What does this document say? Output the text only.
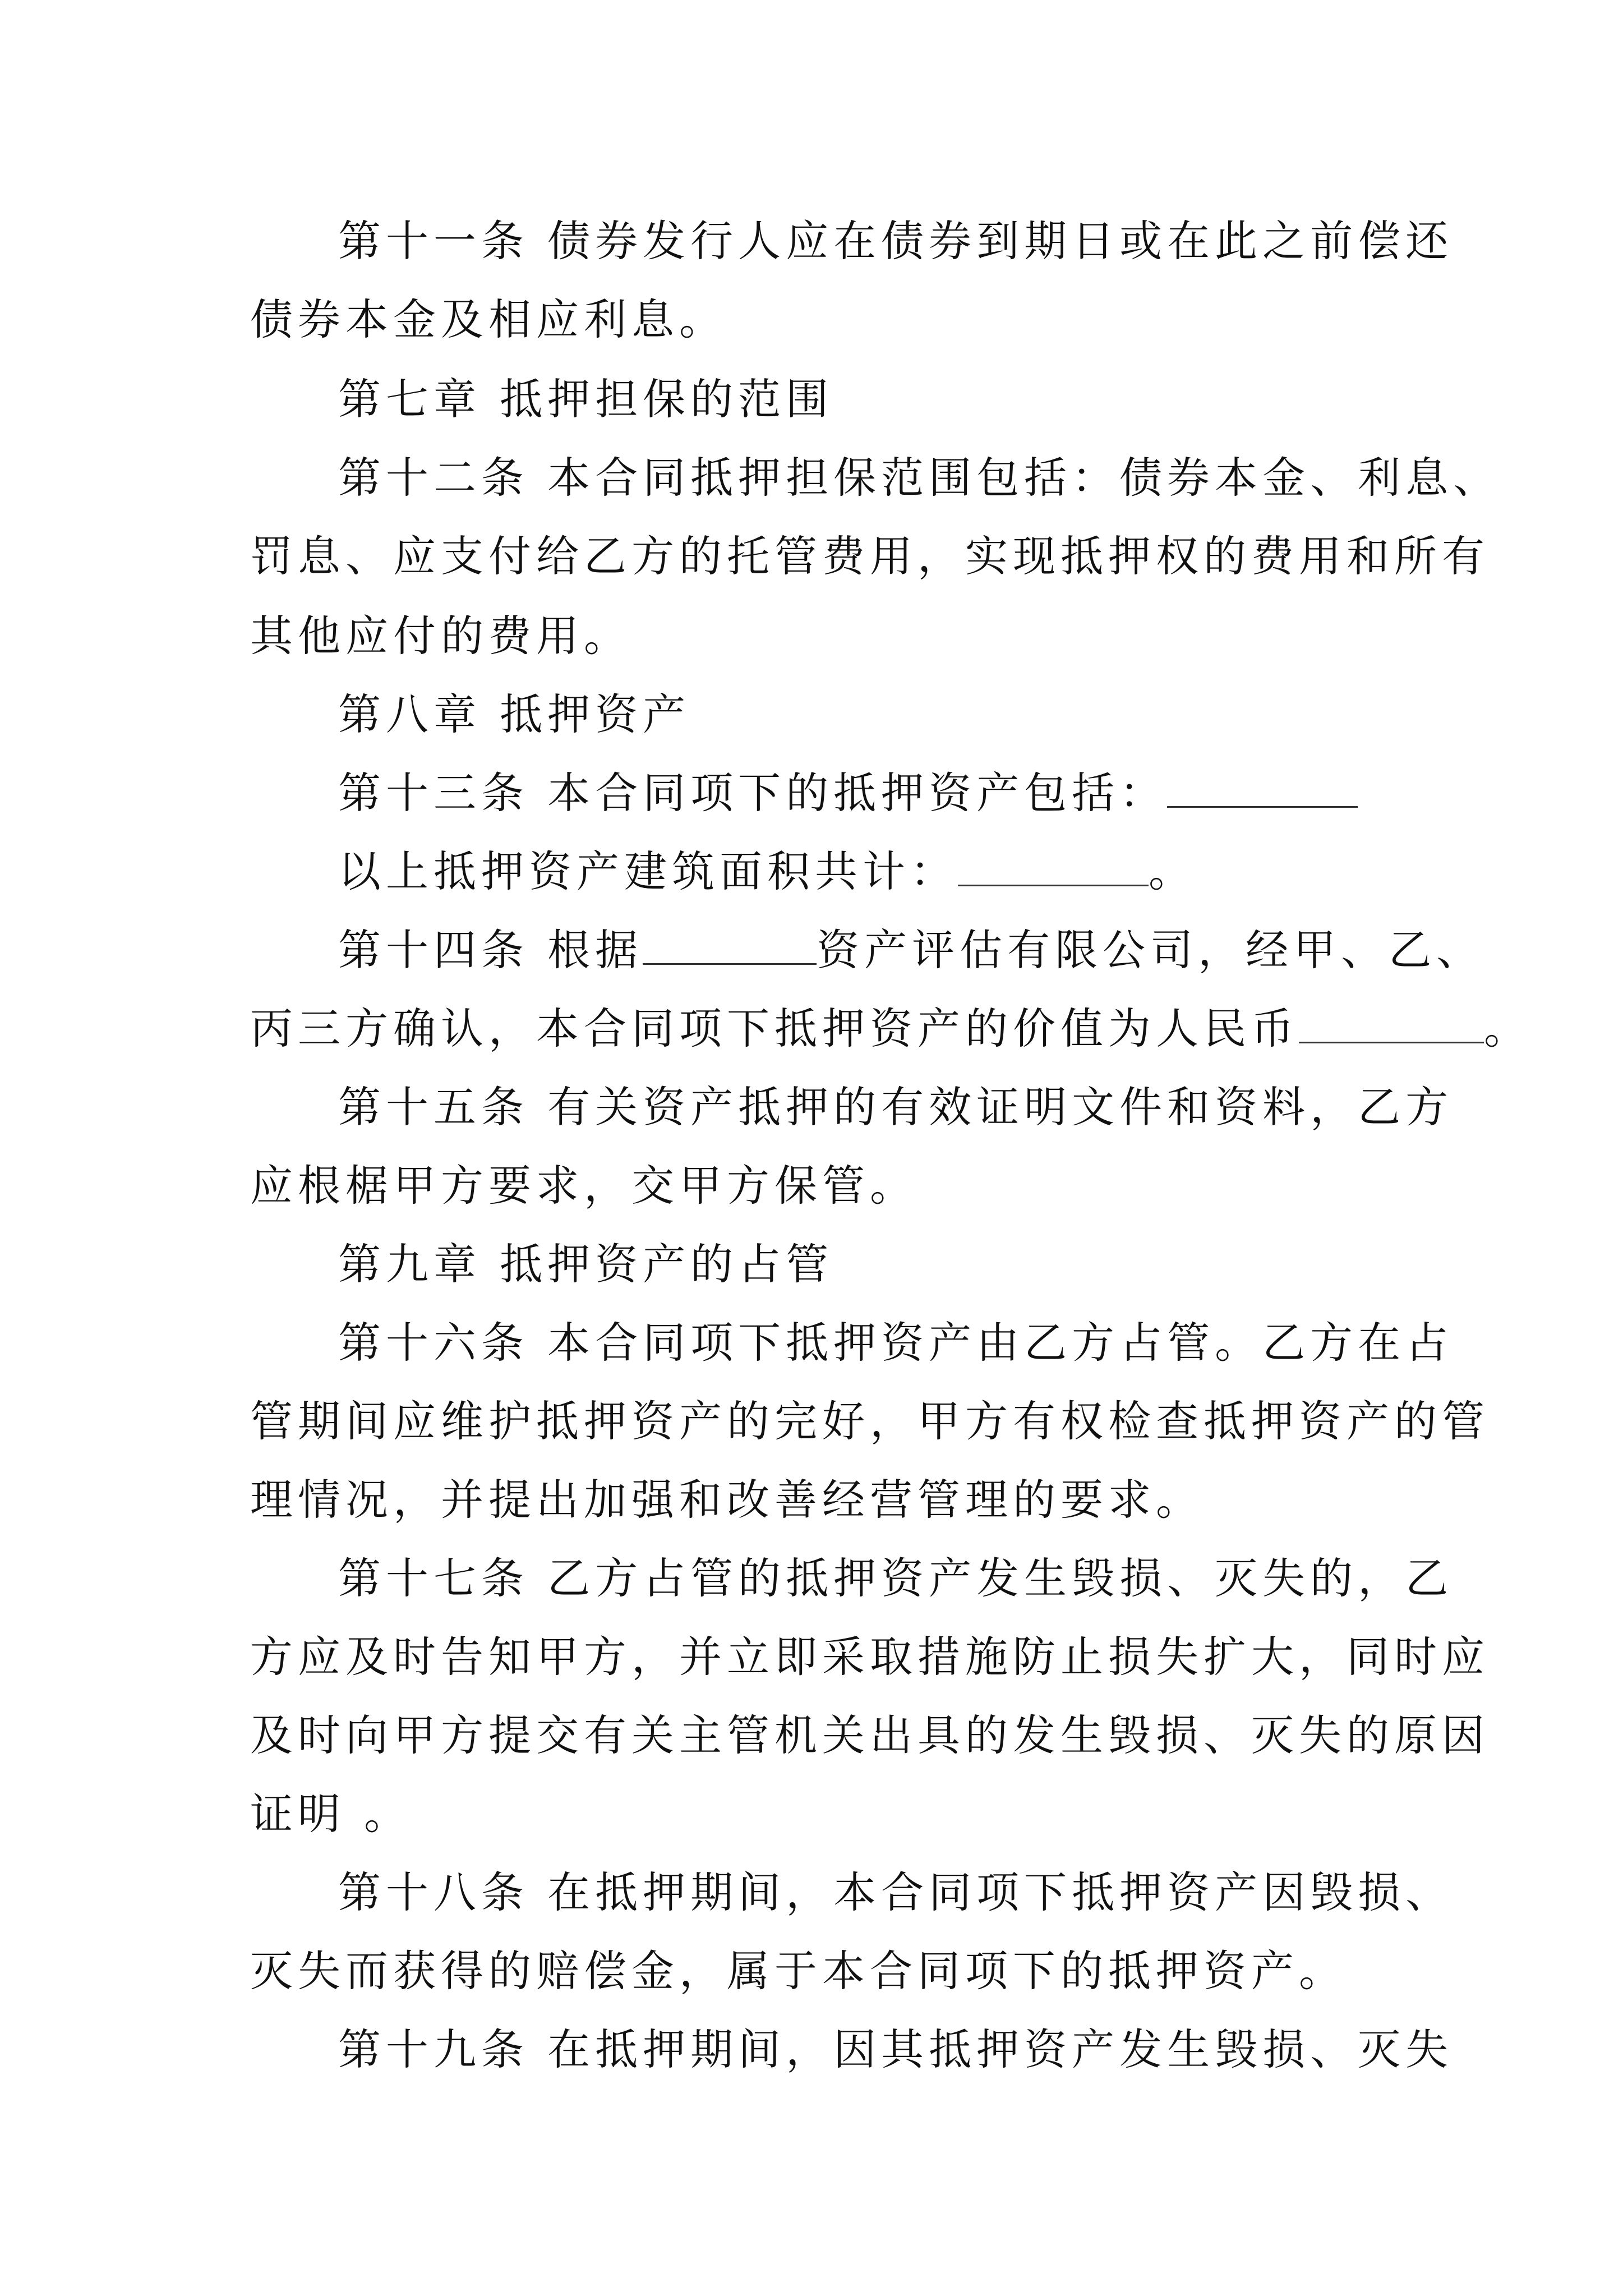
第十一条 债券发行人应在债券到期日或在此之前偿还
债券本金及相应利息。
第七章 抵押担保的范围
第十二条 本合同抵押担保范围包括：债券本金、利息、
罚息、应支付给乙方的托管费用，实现抵押权的费用和所有
其他应付的费用。
第八章 抵押资产
第十三条 本合同项下的抵押资产包括：
以上抵押资产建筑面积共计：	。
第十四条 根据	资产评估有限公司，经甲、乙、
丙三方确认，本合同项下抵押资产的价值为人民币	。
第十五条 有关资产抵押的有效证明文件和资料，乙方
应根椐甲方要求，交甲方保管。
第九章 抵押资产的占管
第十六条 本合同项下抵押资产由乙方占管。乙方在占
管期间应维护抵押资产的完好，甲方有权检查抵押资产的管
理情况，并提出加强和改善经营管理的要求。
第十七条 乙方占管的抵押资产发生毁损、灭失的，乙
方应及时告知甲方，并立即采取措施防止损失扩大，同时应
及时向甲方提交有关主管机关出具的发生毁损、灭失的原因
证明 。
第十八条 在抵押期间，本合同项下抵押资产因毁损、
灭失而获得的赔偿金，属于本合同项下的抵押资产。
第十九条 在抵押期间，因其抵押资产发生毁损、灭失
